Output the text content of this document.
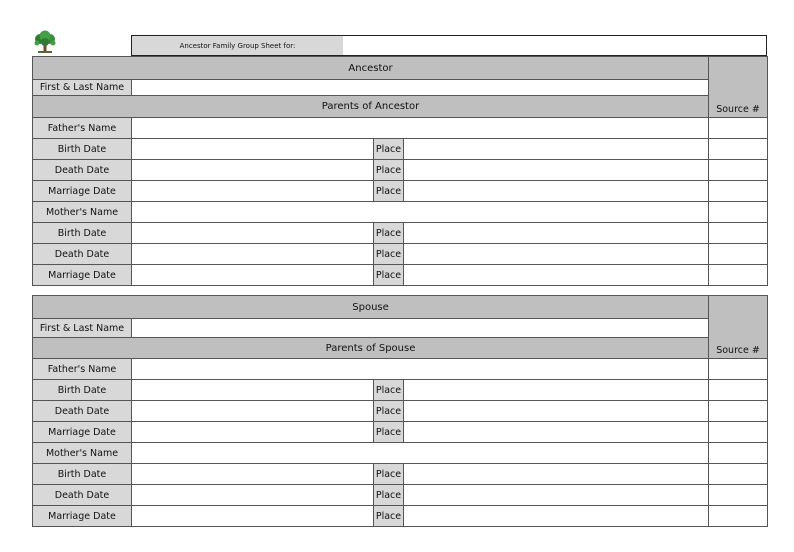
Ancestor Family Group Sheet for:
Ancestor				Source #
First & Last Name				
Parents of Ancestor				
Father's Name				
Birth Date		Place		
Death Date		Place		
Marriage Date		Place		
Mother's Name				
Birth Date		Place		
Death Date		Place		
Marriage Date		Place		
Spouse				Source #
First & Last Name				
Parents of Spouse				
Father's Name				
Birth Date		Place		
Death Date		Place		
Marriage Date		Place		
Mother's Name				
Birth Date		Place		
Death Date		Place		
Marriage Date		Place		
